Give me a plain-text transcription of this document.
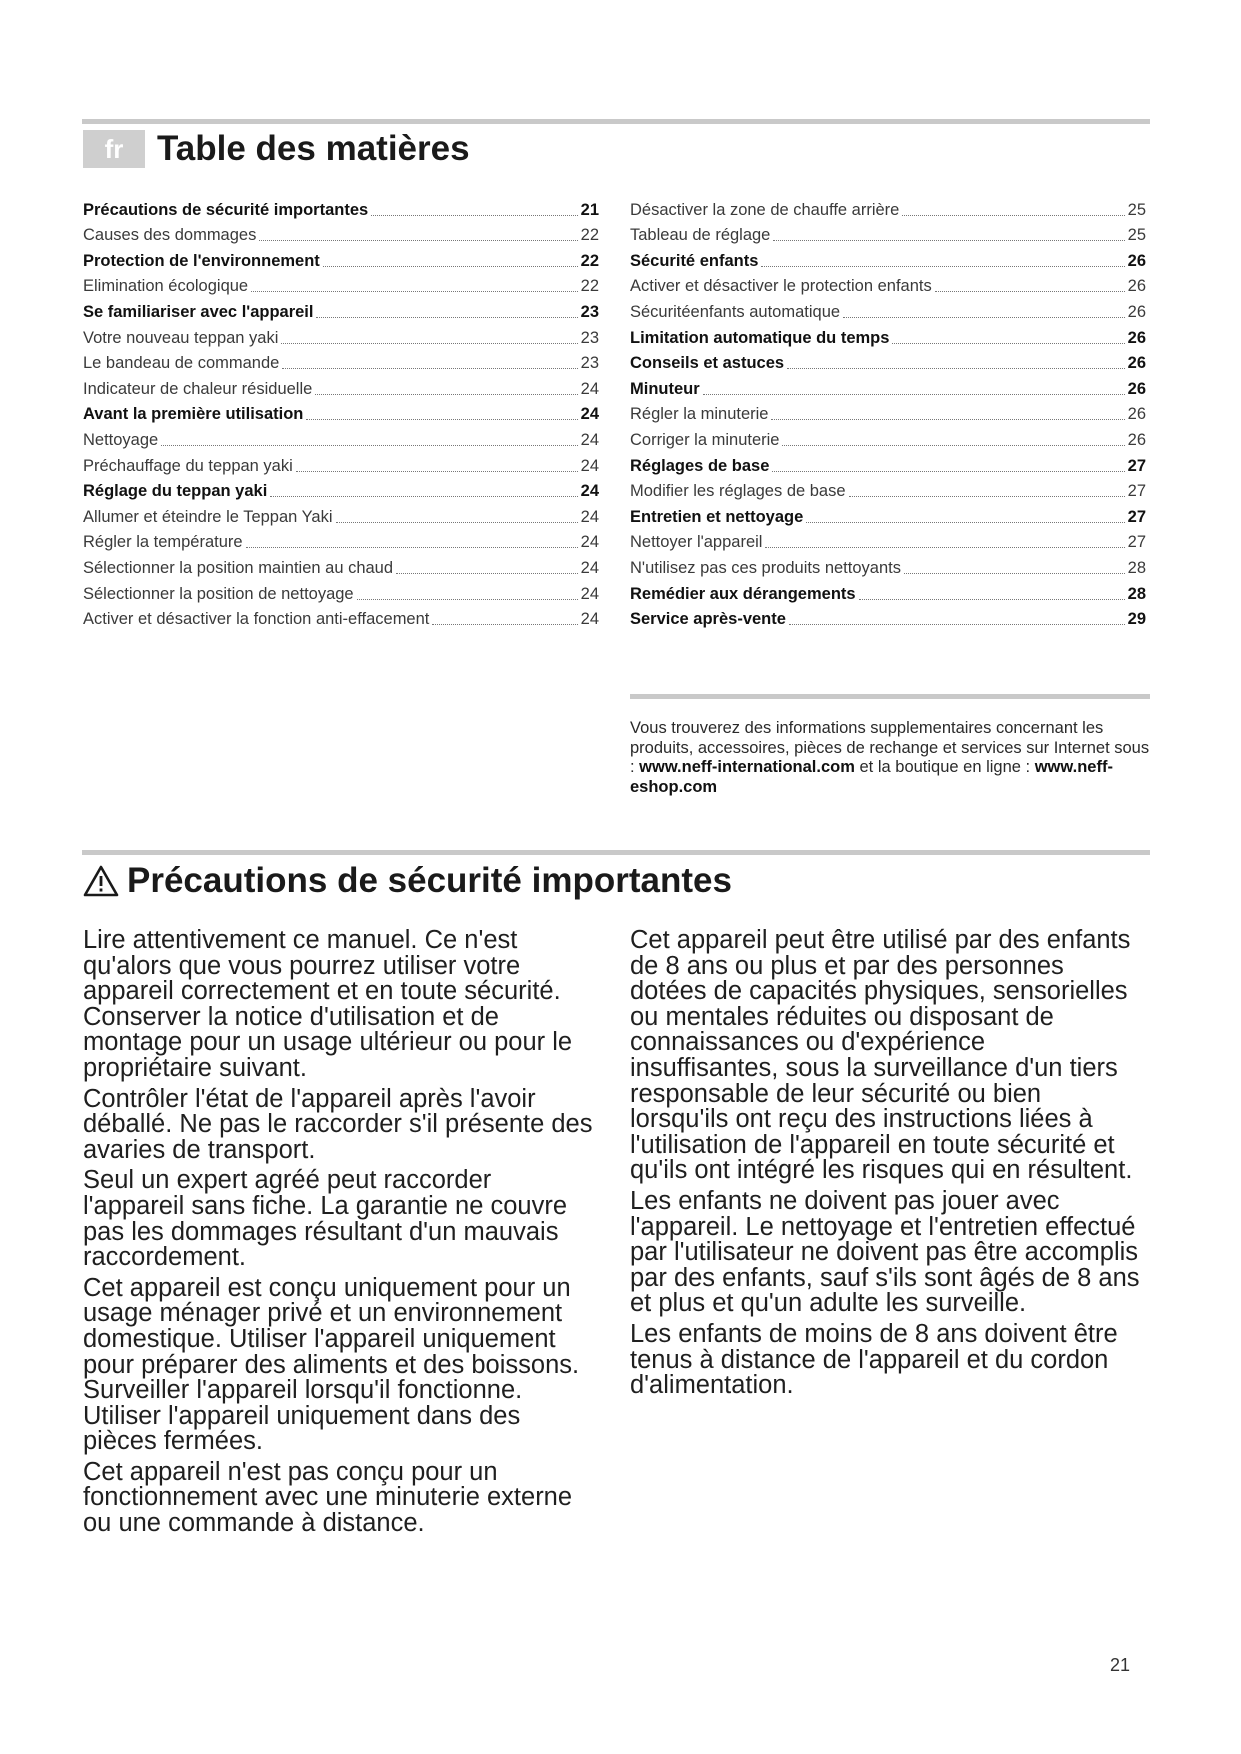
fr Table des matières
Précautions de sécurité importantes	21
Causes des dommages	22
Protection de l'environnement	22
Elimination écologique	22
Se familiariser avec l'appareil	23
Votre nouveau teppan yaki	23
Le bandeau de commande	23
Indicateur de chaleur résiduelle	24
Avant la première utilisation	24
Nettoyage	24
Préchauffage du teppan yaki	24
Réglage du teppan yaki	24
Allumer et éteindre le Teppan Yaki	24
Régler la température	24
Sélectionner la position maintien au chaud	24
Sélectionner la position de nettoyage	24
Activer et désactiver la fonction anti-effacement	24
Désactiver la zone de chauffe arrière	25
Tableau de réglage	25
Sécurité enfants	26
Activer et désactiver le protection enfants	26
Sécuritéenfants automatique	26
Limitation automatique du temps	26
Conseils et astuces	26
Minuteur	26
Régler la minuterie	26
Corriger la minuterie	26
Réglages de base	27
Modifier les réglages de base	27
Entretien et nettoyage	27
Nettoyer l'appareil	27
N'utilisez pas ces produits nettoyants	28
Remédier aux dérangements	28
Service après-vente	29

Vous trouverez des informations supplementaires concernant les produits, accessoires, pièces de rechange et services sur Internet sous : www.neff-international.com et la boutique en ligne : www.neff-eshop.com

Précautions de sécurité importantes

Lire attentivement ce manuel. Ce n'est qu'alors que vous pourrez utiliser votre appareil correctement et en toute sécurité. Conserver la notice d'utilisation et de montage pour un usage ultérieur ou pour le propriétaire suivant.

Contrôler l'état de l'appareil après l'avoir déballé. Ne pas le raccorder s'il présente des avaries de transport.

Seul un expert agréé peut raccorder l'appareil sans fiche. La garantie ne couvre pas les dommages résultant d'un mauvais raccordement.

Cet appareil est conçu uniquement pour un usage ménager privé et un environnement domestique. Utiliser l'appareil uniquement pour préparer des aliments et des boissons. Surveiller l'appareil lorsqu'il fonctionne. Utiliser l'appareil uniquement dans des pièces fermées.

Cet appareil n'est pas conçu pour un fonctionnement avec une minuterie externe ou une commande à distance.

Cet appareil peut être utilisé par des enfants de 8 ans ou plus et par des personnes dotées de capacités physiques, sensorielles ou mentales réduites ou disposant de connaissances ou d'expérience insuffisantes, sous la surveillance d'un tiers responsable de leur sécurité ou bien lorsqu'ils ont reçu des instructions liées à l'utilisation de l'appareil en toute sécurité et qu'ils ont intégré les risques qui en résultent.

Les enfants ne doivent pas jouer avec l'appareil. Le nettoyage et l'entretien effectué par l'utilisateur ne doivent pas être accomplis par des enfants, sauf s'ils sont âgés de 8 ans et plus et qu'un adulte les surveille.

Les enfants de moins de 8 ans doivent être tenus à distance de l'appareil et du cordon d'alimentation.

21
